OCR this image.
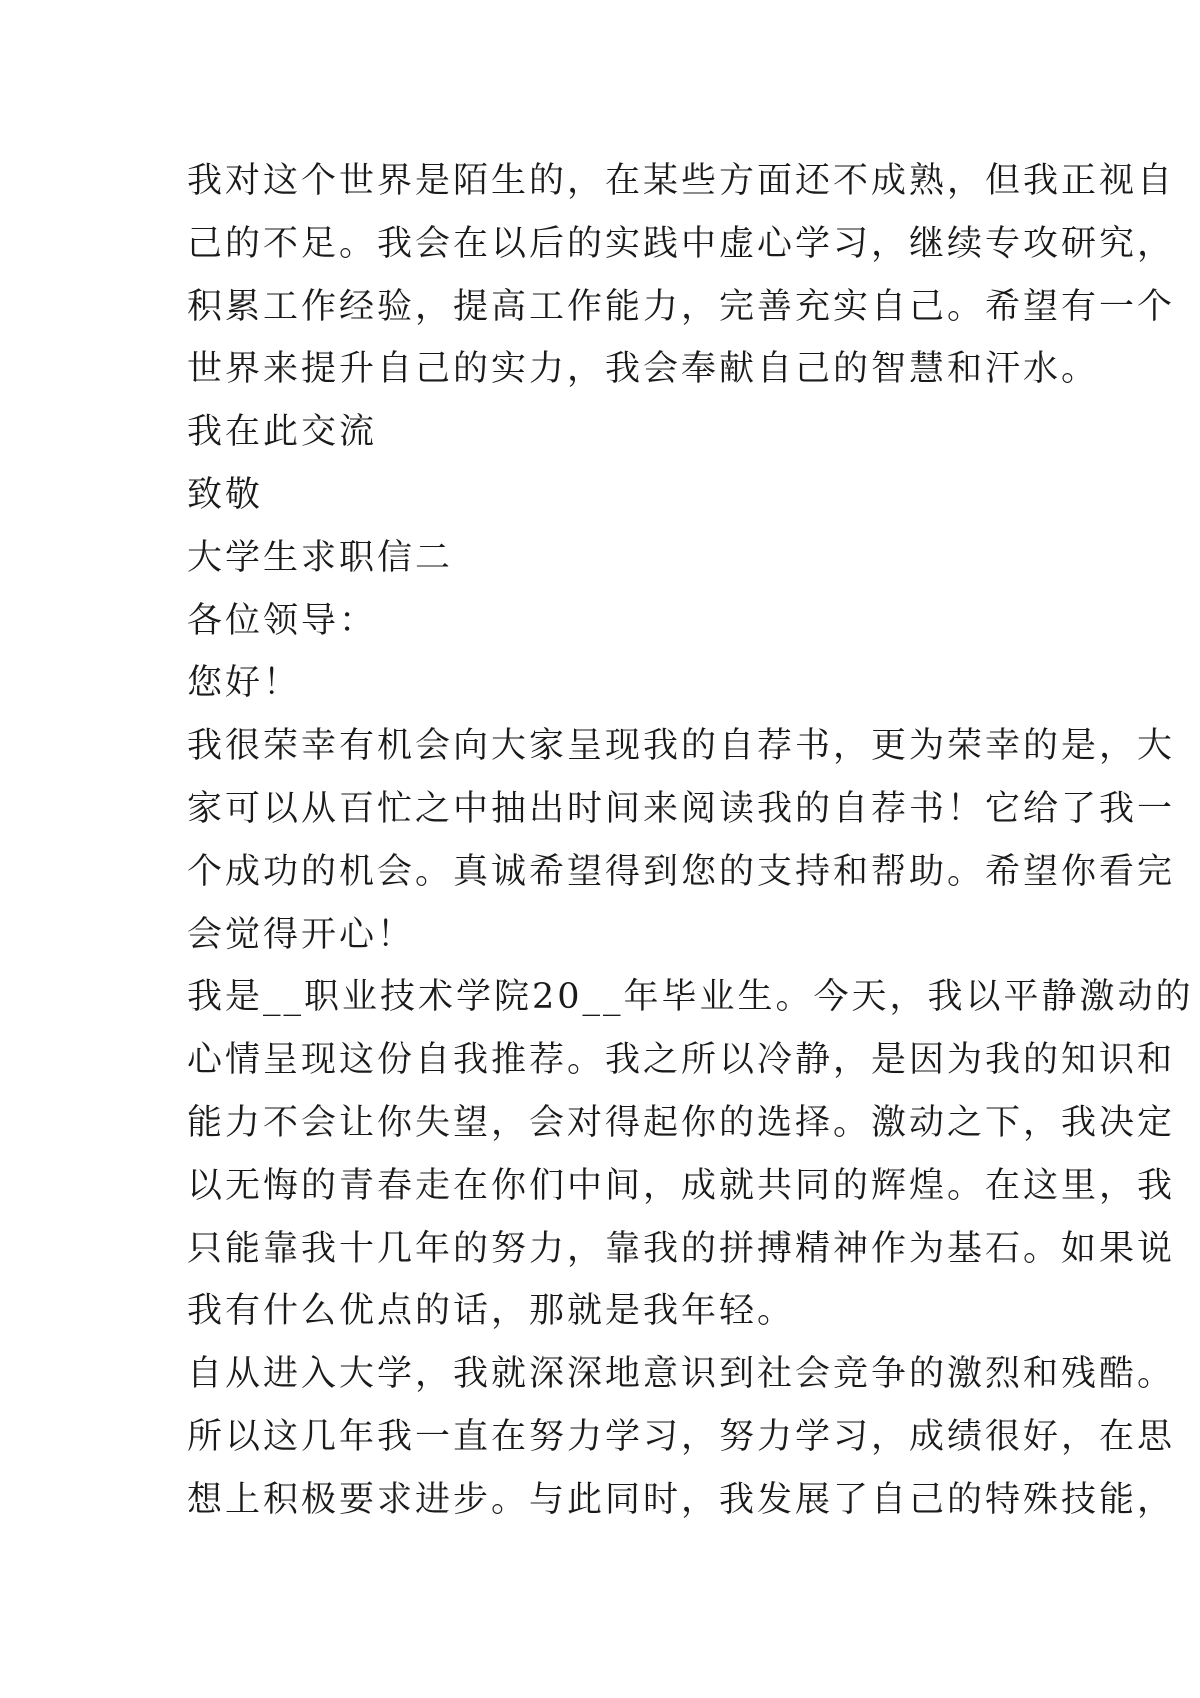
我对这个世界是陌生的，在某些方面还不成熟，但我正视自
己的不足。我会在以后的实践中虚心学习，继续专攻研究，
积累工作经验，提高工作能力，完善充实自己。希望有一个
世界来提升自己的实力，我会奉献自己的智慧和汗水。
我在此交流
致敬
大学生求职信二
各位领导：
您好！
我很荣幸有机会向大家呈现我的自荐书，更为荣幸的是，大
家可以从百忙之中抽出时间来阅读我的自荐书！它给了我一
个成功的机会。真诚希望得到您的支持和帮助。希望你看完
会觉得开心！
我是__职业技术学院20__年毕业生。今天，我以平静激动的
心情呈现这份自我推荐。我之所以冷静，是因为我的知识和
能力不会让你失望，会对得起你的选择。激动之下，我决定
以无悔的青春走在你们中间，成就共同的辉煌。在这里，我
只能靠我十几年的努力，靠我的拼搏精神作为基石。如果说
我有什么优点的话，那就是我年轻。
自从进入大学，我就深深地意识到社会竞争的激烈和残酷。
所以这几年我一直在努力学习，努力学习，成绩很好，在思
想上积极要求进步。与此同时，我发展了自己的特殊技能，
